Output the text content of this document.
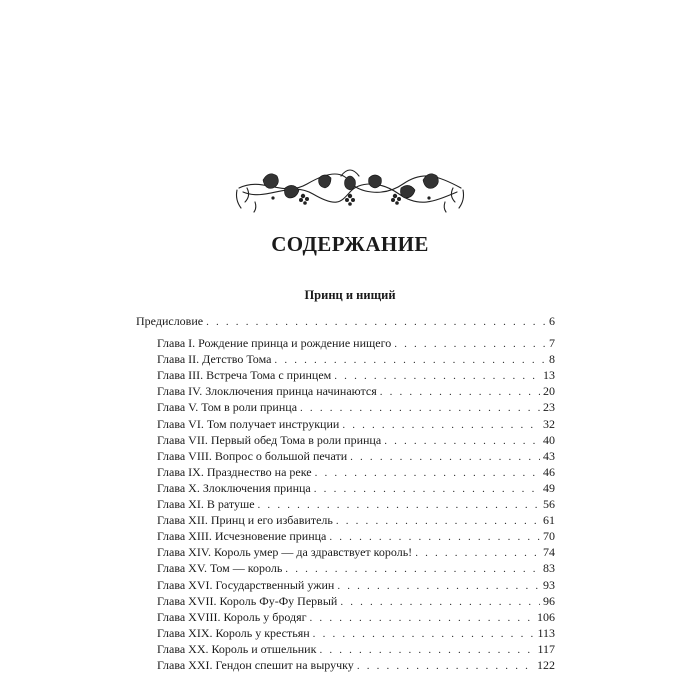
СОДЕРЖАНИЕ
Принц и нищий
Предисловие . . .	6
Глава I. Рождение принца и рождение нищего . . .	7
Глава II. Детство Тома . . .	8
Глава III. Встреча Тома с принцем . . .	13
Глава IV. Злоключения принца начинаются . . .	20
Глава V. Том в роли принца . . .	23
Глава VI. Том получает инструкции . . .	32
Глава VII. Первый обед Тома в роли принца . . .	40
Глава VIII. Вопрос о большой печати . . .	43
Глава IX. Празднество на реке . . .	46
Глава X. Злоключения принца . . .	49
Глава XI. В ратуше . . .	56
Глава XII. Принц и его избавитель . . .	61
Глава XIII. Исчезновение принца . . .	70
Глава XIV. Король умер — да здравствует король! . . .	74
Глава XV. Том — король . . .	83
Глава XVI. Государственный ужин . . .	93
Глава XVII. Король Фу-Фу Первый . . .	96
Глава XVIII. Король у бродяг . . .	106
Глава XIX. Король у крестьян . . .	113
Глава XX. Король и отшельник . . .	117
Глава XXI. Гендон спешит на выручку . . .	122
